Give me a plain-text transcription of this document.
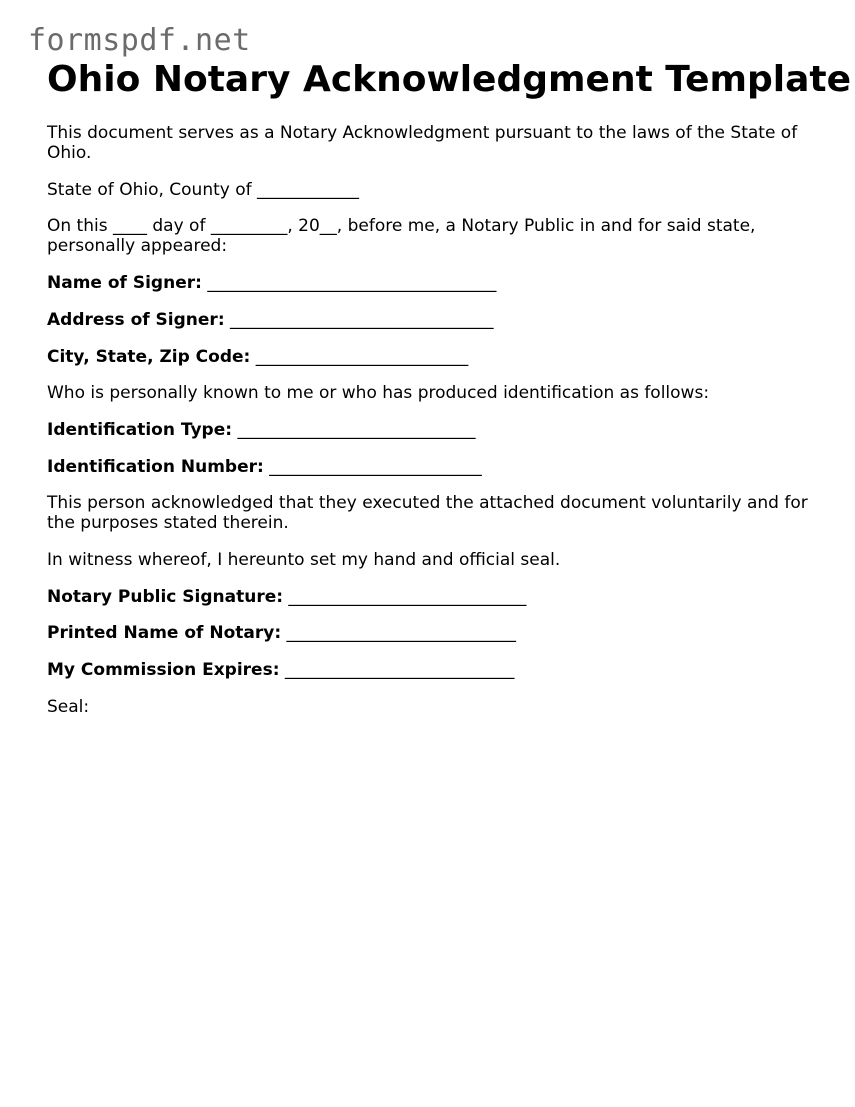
formspdf.net
Ohio Notary Acknowledgment Template

This document serves as a Notary Acknowledgment pursuant to the laws of the State of Ohio.

State of Ohio, County of ____________

On this ____ day of _________, 20__, before me, a Notary Public in and for said state, personally appeared:

Name of Signer: __________________________________

Address of Signer: _______________________________

City, State, Zip Code: _________________________

Who is personally known to me or who has produced identification as follows:

Identification Type: ____________________________

Identification Number: _________________________

This person acknowledged that they executed the attached document voluntarily and for the purposes stated therein.

In witness whereof, I hereunto set my hand and official seal.

Notary Public Signature: ____________________________

Printed Name of Notary: ___________________________

My Commission Expires: ___________________________

Seal:
